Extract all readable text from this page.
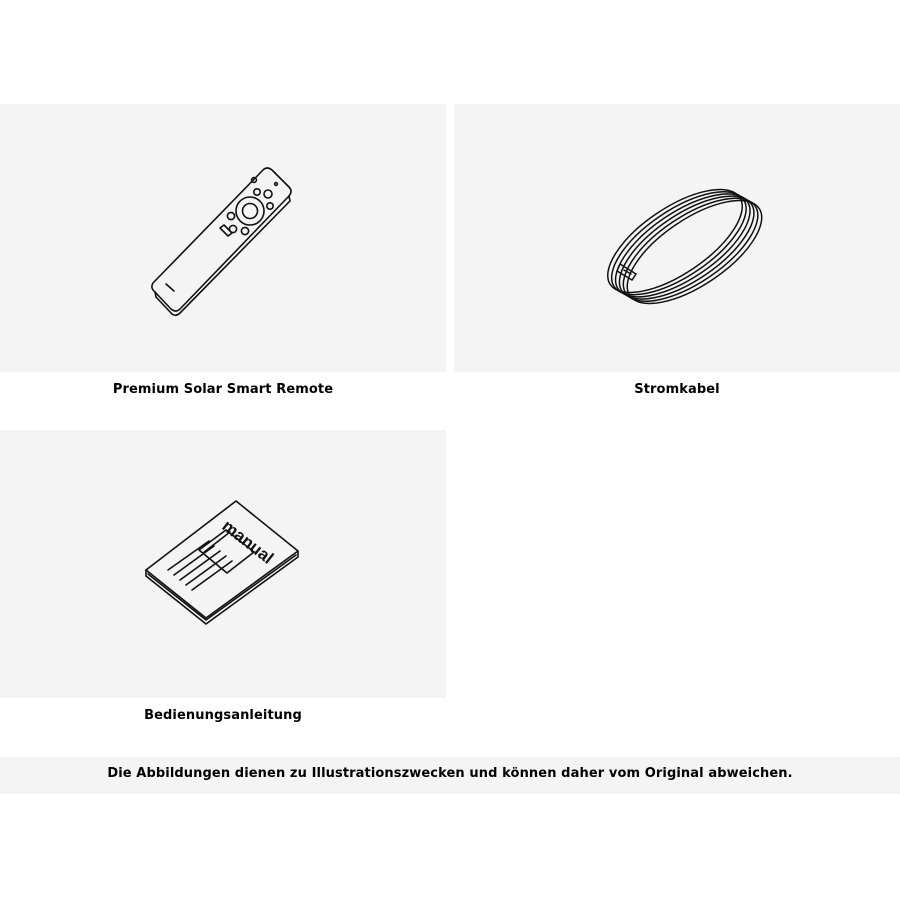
Premium Solar Smart Remote	Stromkabel
manual
Bedienungsanleitung
Die Abbildungen dienen zu Illustrationszwecken und können daher vom Original abweichen.
